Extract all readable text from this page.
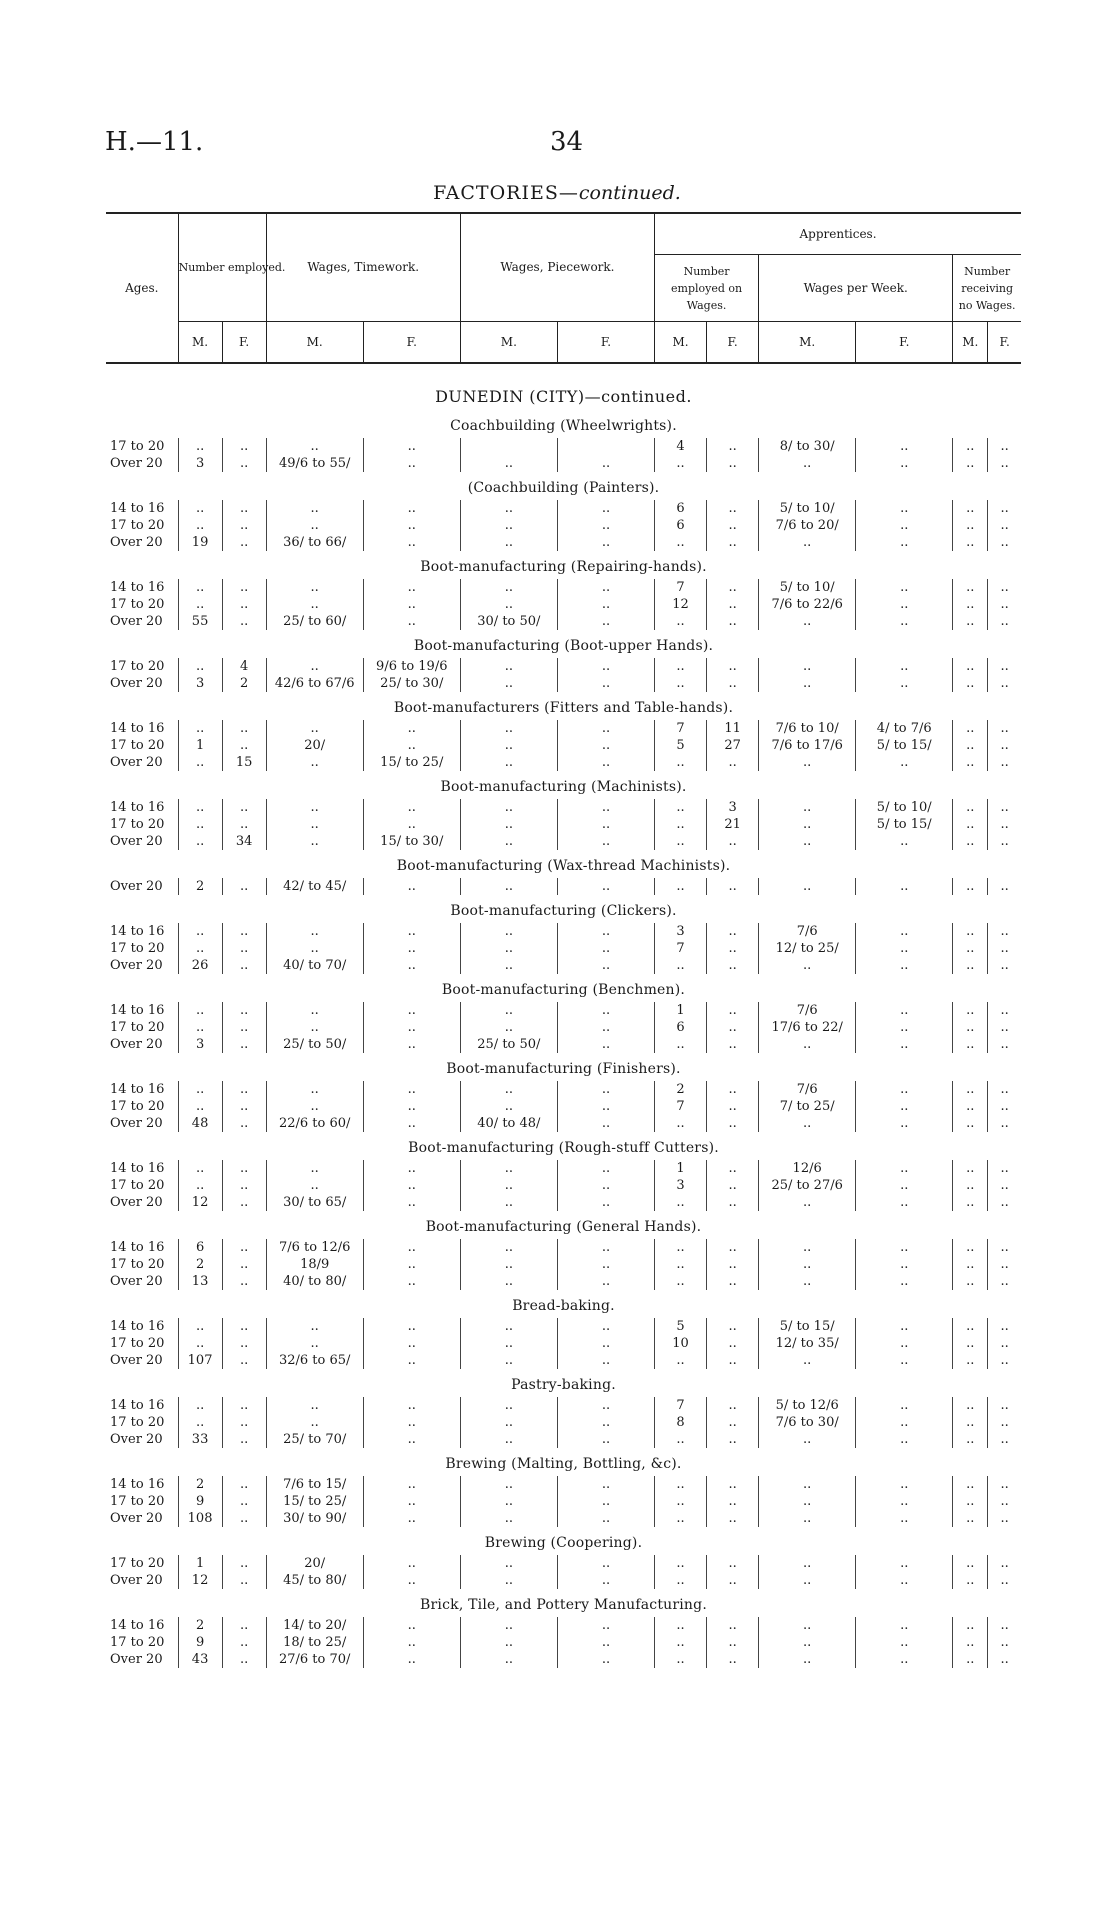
H.—11.	34
FACTORIES—continued.
Ages.	Number employed.		Wages, Timework.		Wages, Piecework.		Apprentices.					
							Number employed on Wages.		Wages per Week.		Number receiving no Wages.	
	M.	F.	M.	F.	M.	F.	M.	F.	M.	F.	M.	F.
DUNEDIN (CITY)—continued.												
Coachbuilding (Wheelwrights).												
17 to 20	..	..	..	..			4	..	8/ to 30/	..	..	..
Over 20	3	..	49/6 to 55/	..	..	..	..	..	..	..	..	..
(Coachbuilding (Painters).												
14 to 16	..	..	..	..	..	..	6	..	5/ to 10/	..	..	..
17 to 20	..	..	..	..	..	..	6	..	7/6 to 20/	..	..	..
Over 20	19	..	36/ to 66/	..	..	..	..	..	..	..	..	..
Boot-manufacturing (Repairing-hands).												
14 to 16	..	..	..	..	..	..	7	..	5/ to 10/	..	..	..
17 to 20	..	..	..	..	..	..	12	..	7/6 to 22/6	..	..	..
Over 20	55	..	25/ to 60/	..	30/ to 50/	..	..	..	..	..	..	..
Boot-manufacturing (Boot-upper Hands).												
17 to 20	..	4	..	9/6 to 19/6	..	..	..	..	..	..	..	..
Over 20	3	2	42/6 to 67/6	25/ to 30/	..	..	..	..	..	..	..	..
Boot-manufacturers (Fitters and Table-hands).												
14 to 16	..	..	..	..	..	..	7	11	7/6 to 10/	4/ to 7/6	..	..
17 to 20	1	..	20/	..	..	..	5	27	7/6 to 17/6	5/ to 15/	..	..
Over 20	..	15	..	15/ to 25/	..	..	..	..	..	..	..	..
Boot-manufacturing (Machinists).												
14 to 16	..	..	..	..	..	..	..	3	..	5/ to 10/	..	..
17 to 20	..	..	..	..	..	..	..	21	..	5/ to 15/	..	..
Over 20	..	34	..	15/ to 30/	..	..	..	..	..	..	..	..
Boot-manufacturing (Wax-thread Machinists).												
Over 20	2	..	42/ to 45/	..	..	..	..	..	..	..	..	..
Boot-manufacturing (Clickers).												
14 to 16	..	..	..	..	..	..	3	..	7/6	..	..	..
17 to 20	..	..	..	..	..	..	7	..	12/ to 25/	..	..	..
Over 20	26	..	40/ to 70/	..	..	..	..	..	..	..	..	..
Boot-manufacturing (Benchmen).												
14 to 16	..	..	..	..	..	..	1	..	7/6	..	..	..
17 to 20	..	..	..	..	..	..	6	..	17/6 to 22/	..	..	..
Over 20	3	..	25/ to 50/	..	25/ to 50/	..	..	..	..	..	..	..
Boot-manufacturing (Finishers).												
14 to 16	..	..	..	..	..	..	2	..	7/6	..	..	..
17 to 20	..	..	..	..	..	..	7	..	7/ to 25/	..	..	..
Over 20	48	..	22/6 to 60/	..	40/ to 48/	..	..	..	..	..	..	..
Boot-manufacturing (Rough-stuff Cutters).												
14 to 16	..	..	..	..	..	..	1	..	12/6	..	..	..
17 to 20	..	..	..	..	..	..	3	..	25/ to 27/6	..	..	..
Over 20	12	..	30/ to 65/	..	..	..	..	..	..	..	..	..
Boot-manufacturing (General Hands).												
14 to 16	6	..	7/6 to 12/6	..	..	..	..	..	..	..	..	..
17 to 20	2	..	18/9	..	..	..	..	..	..	..	..	..
Over 20	13	..	40/ to 80/	..	..	..	..	..	..	..	..	..
Bread-baking.												
14 to 16	..	..	..	..	..	..	5	..	5/ to 15/	..	..	..
17 to 20	..	..	..	..	..	..	10	..	12/ to 35/	..	..	..
Over 20	107	..	32/6 to 65/	..	..	..	..	..	..	..	..	..
Pastry-baking.												
14 to 16	..	..	..	..	..	..	7	..	5/ to 12/6	..	..	..
17 to 20	..	..	..	..	..	..	8	..	7/6 to 30/	..	..	..
Over 20	33	..	25/ to 70/	..	..	..	..	..	..	..	..	..
Brewing (Malting, Bottling, &c).												
14 to 16	2	..	7/6 to 15/	..	..	..	..	..	..	..	..	..
17 to 20	9	..	15/ to 25/	..	..	..	..	..	..	..	..	..
Over 20	108	..	30/ to 90/	..	..	..	..	..	..	..	..	..
Brewing (Coopering).												
17 to 20	1	..	20/	..	..	..	..	..	..	..	..	..
Over 20	12	..	45/ to 80/	..	..	..	..	..	..	..	..	..
Brick, Tile, and Pottery Manufacturing.												
14 to 16	2	..	14/ to 20/	..	..	..	..	..	..	..	..	..
17 to 20	9	..	18/ to 25/	..	..	..	..	..	..	..	..	..
Over 20	43	..	27/6 to 70/	..	..	..	..	..	..	..	..	..
